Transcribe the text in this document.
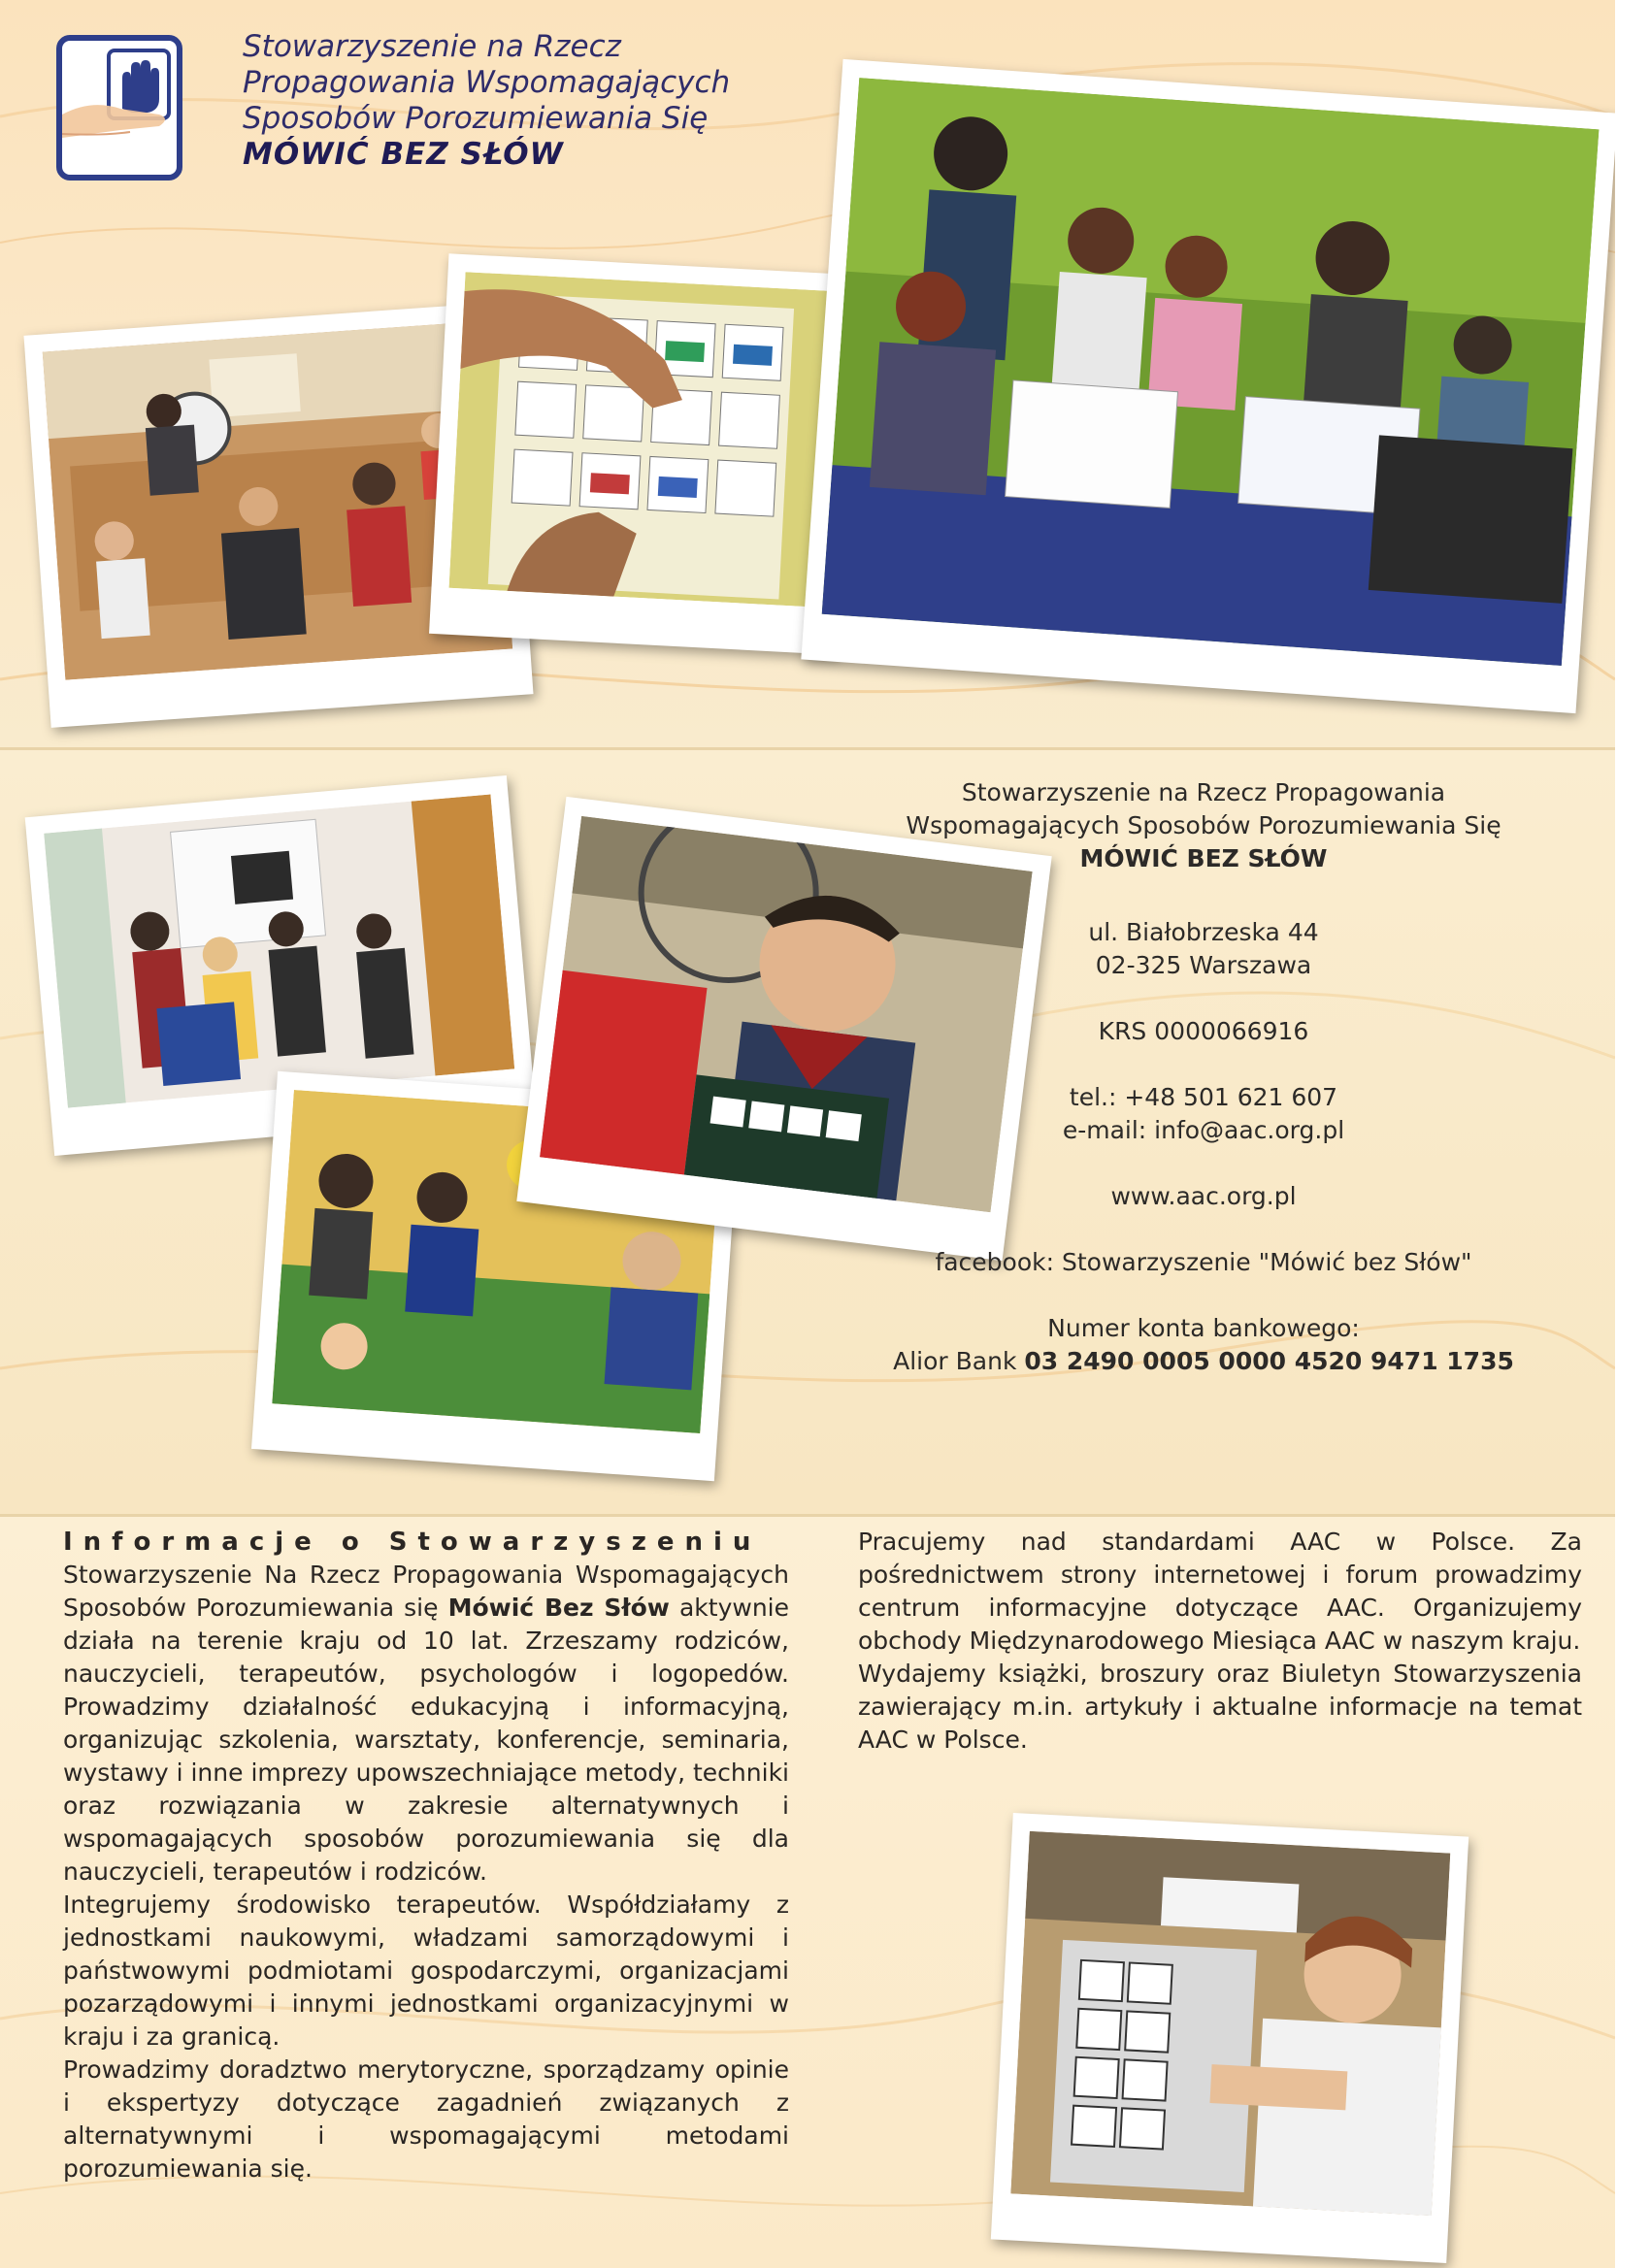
Stowarzyszenie na Rzecz
Propagowania Wspomagających
Sposobów Porozumiewania Się
MÓWIĆ BEZ SŁÓW
Stowarzyszenie na Rzecz Propagowania
Wspomagających Sposobów Porozumiewania Się
MÓWIĆ BEZ SŁÓW
ul. Białobrzeska 44
02-325 Warszawa
KRS 0000066916
tel.: +48 501 621 607
e-mail: info@aac.org.pl
www.aac.org.pl
facebook: Stowarzyszenie "Mówić bez Słów"
Numer konta bankowego:
Alior Bank 03 2490 0005 0000 4520 9471 1735
Informacje o Stowarzyszeniu

Stowarzyszenie Na Rzecz Propagowania Wspomagających Sposobów Porozumiewania się Mówić Bez Słów aktywnie działa na terenie kraju od 10 lat. Zrzeszamy rodziców, nauczycieli, terapeutów, psychologów i logopedów. Prowadzimy działalność edukacyjną i informacyjną, organizując szkolenia, warsztaty, konferencje, seminaria, wystawy i inne imprezy upowszechniające metody, techniki oraz rozwiązania w zakresie alternatywnych i wspomagających sposobów porozumiewania się dla nauczycieli, terapeutów i rodziców.

Integrujemy środowisko terapeutów. Współdziałamy z jednostkami naukowymi, władzami samorządowymi i państwowymi podmiotami gospodarczymi, organizacjami pozarządowymi i innymi jednostkami organizacyjnymi w kraju i za granicą.

Prowadzimy doradztwo merytoryczne, sporządzamy opinie i ekspertyzy dotyczące zagadnień związanych z alternatywnymi i wspomagającymi metodami porozumiewania się.

Pracujemy nad standardami AAC w Polsce. Za pośrednictwem strony internetowej i forum prowadzimy centrum informacyjne dotyczące AAC. Organizujemy obchody Międzynarodowego Miesiąca AAC w naszym kraju.

Wydajemy książki, broszury oraz Biuletyn Stowarzyszenia zawierający m.in. artykuły i aktualne informacje na temat AAC w Polsce.
